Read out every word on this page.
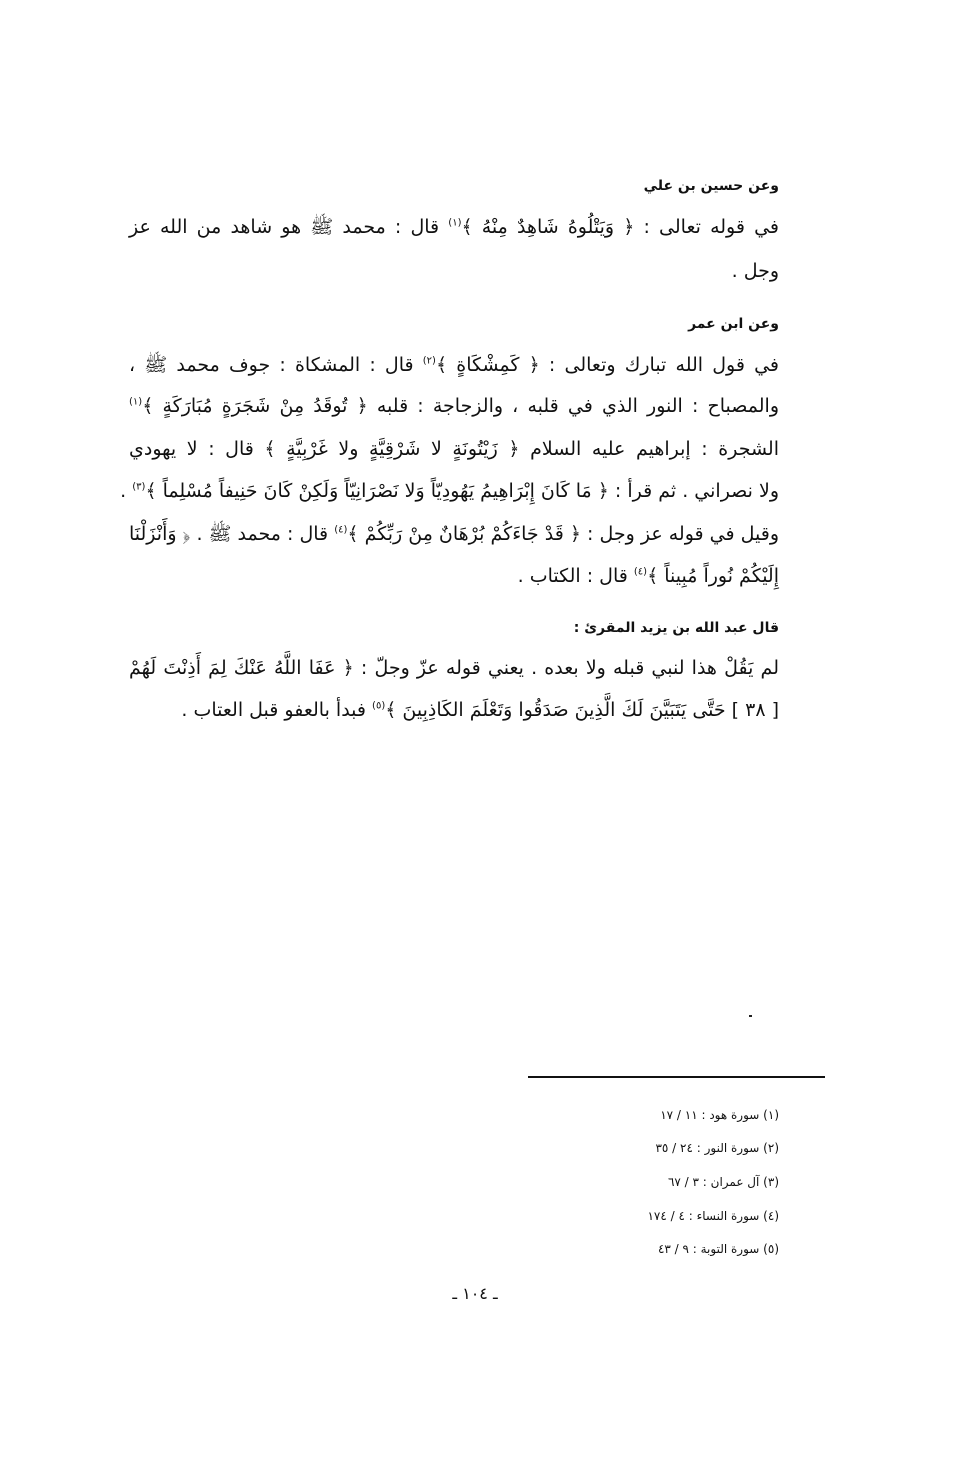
وعن حسين بن علي
في قوله تعالى : ﴿ وَيَتْلُوهُ شَاهِدٌ مِنْهُ ﴾$^{(١)}$ قال : محمد ﷺ هو شاهد من الله عز
وجل .
وعن ابن عمر
في قول الله تبارك وتعالى : ﴿ كَمِشْكَاةٍ ﴾$^{(٢)}$ قال : المشكاة : جوف محمد ﷺ ،
والمصباح : النور الذي في قلبه ، والزجاجة : قلبه ﴿ تُوقَدُ مِنْ شَجَرَةٍ مُبَارَكَةٍ ﴾$^{(١)}$
الشجرة : إبراهيم عليه السلام ﴿ زَيْتُونَةٍ لا شَرْقِيَّةٍ ولا غَرْبِيَّةٍ ﴾ قال : لا يهودي
ولا نصراني . ثم قرأ : ﴿ مَا كَانَ إِبْرَاهِيمُ يَهُودِيّاً وَلا نَصْرَانِيّاً وَلَكِنْ كَانَ حَنِيفاً مُسْلِماً ﴾$^{(٣)}$ .
وقيل في قوله عز وجل : ﴿ قَدْ جَاءَكُمْ بُرْهَانٌ مِنْ رَبِّكُمْ ﴾$^{(٤)}$ قال : محمد ﷺ . ﴿ وَأَنْزَلْنَا
إِلَيْكُمْ نُوراً مُبِيناً ﴾$^{(٤)}$ قال : الكتاب .
قال عبد الله بن يزيد المقرئ :
لم يَقُلْ هذا لنبي قبله ولا بعده . يعني قوله عزّ وجلّ : ﴿ عَفَا اللَّهُ عَنْكَ لِمَ أَذِنْتَ لَهُمْ
[ ٣٨ ] حَتَّى يَتَبَيَّنَ لَكَ الَّذِينَ صَدَقُوا وَتَعْلَمَ الكَاذِبِينَ ﴾$^{(٥)}$ فبدأ بالعفو قبل العتاب .
(١) سورة هود : ١١ / ١٧
(٢) سورة النور : ٢٤ / ٣٥
(٣) آل عمران : ٣ / ٦٧
(٤) سورة النساء : ٤ / ١٧٤
(٥) سورة التوبة : ٩ / ٤٣
ـ ١٠٤ ـ
